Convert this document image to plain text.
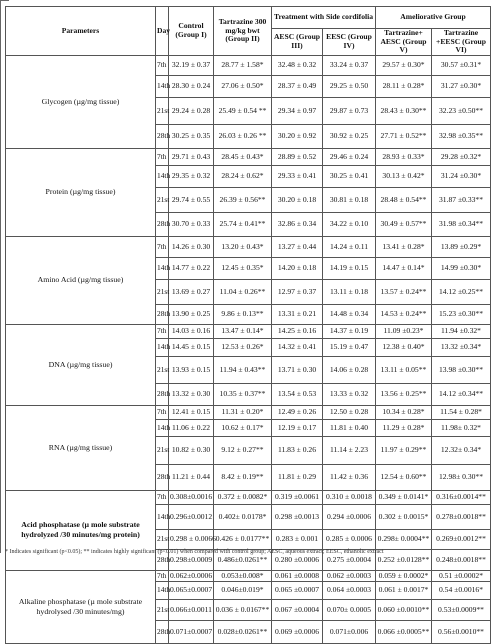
Parameters	Day	Control (Group I)	Tartrazine 300 mg/kg bwt (Group II)	Treatment with Side cordifolia		Ameliorative Group	
				AESC (Group III)	EESC (Group IV)	Tartrazine+ AESC (Group V)	Tartrazine +EESC (Group VI)
Glycogen (µg/mg tissue)	7th	32.19 ± 0.37	28.77 ± 1.58*	32.48 ± 0.32	33.24 ± 0.37	29.57 ± 0.30*	30.57 ±0.31*
	14th	28.30 ± 0.24	27.06 ± 0.50*	28.37 ± 0.49	29.25 ± 0.50	28.11 ± 0.28*	31.27 ±0.30*
	21st	29.24 ± 0.28	25.49 ± 0.54 **	29.34 ± 0.97	29.87 ± 0.73	28.43 ± 0.30**	32.23 ±0.50**
	28th	30.25 ± 0.35	26.03 ± 0.26 **	30.20 ± 0.92	30.92 ± 0.25	27.71 ± 0.52**	32.98 ±0.35**
Protein (µg/mg tissue)	7th	29.71 ± 0.43	28.45 ± 0.43*	28.89 ± 0.52	29.46 ± 0.24	28.93 ± 0.33*	29.28 ±0.32*
	14th	29.35 ± 0.32	28.24 ± 0.62*	29.33 ± 0.41	30.25 ± 0.41	30.13 ± 0.42*	31.24 ±0.30*
	21st	29.74 ± 0.55	26.39 ± 0.56**	30.20 ± 0.18	30.81 ± 0.18	28.48 ± 0.54**	31.87 ±0.33**
	28th	30.70 ± 0.33	25.74 ± 0.41**	32.86 ± 0.34	34.22 ± 0.10	30.49 ± 0.57**	31.98 ±0.34**
Amino Acid (µg/mg tissue)	7th	14.26 ± 0.30	13.20 ± 0.43*	13.27 ± 0.44	14.24 ± 0.11	13.41 ± 0.28*	13.89 ±0.29*
	14th	14.77 ± 0.22	12.45 ± 0.35*	14.20 ± 0.18	14.19 ± 0.15	14.47 ± 0.14*	14.99 ±0.30*
	21st	13.69 ± 0.27	11.04 ± 0.26**	12.97 ± 0.37	13.11 ± 0.18	13.57 ± 0.24**	14.12 ±0.25**
	28th	13.90 ± 0.25	9.86 ± 0.13**	13.31 ± 0.21	14.48 ± 0.34	14.53 ± 0.24**	15.23 ±0.30**
DNA (µg/mg tissue)	7th	14.03 ± 0.16	13.47 ± 0.14*	14.25 ± 0.16	14.37 ± 0.19	11.09 ±0.23*	11.94 ±0.32*
	14th	14.45 ± 0.15	12.53 ± 0.26*	14.32 ± 0.41	15.19 ± 0.47	12.38 ± 0.40*	13.32 ±0.34*
	21st	13.93 ± 0.15	11.94 ± 0.43**	13.71 ± 0.30	14.06 ± 0.28	13.11 ± 0.05**	13.98 ±0.30**
	28th	13.32 ± 0.30	10.35 ± 0.37**	13.54 ± 0.53	13.33 ± 0.32	13.56 ± 0.25**	14.12 ±0.34**
RNA (µg/mg tissue)	7th	12.41 ± 0.15	11.31 ± 0.20*	12.49 ± 0.26	12.50 ± 0.28	10.34 ± 0.28*	11.54 ± 0.28*
	14th	11.06 ± 0.22	10.62 ± 0.17*	12.19 ± 0.17	11.81 ± 0.40	11.29 ± 0.28*	11.98± 0.32*
	21st	10.82 ± 0.30	9.12 ± 0.27**	11.83 ± 0.26	11.14 ± 2.23	11.97 ± 0.29**	12.32± 0.34*
	28th	11.21 ± 0.44	8.42 ± 0.19**	11.81 ± 0.29	11.42 ± 0.36	12.54 ± 0.60**	12.98± 0.30**
Acid phosphatase (µ mole substrate hydrolyzed /30 minutes/mg protein)	7th	0.308±0.0016	0.372 ± 0.0082*	0.319 ±0.0061	0.310 ± 0.0018	0.349 ± 0.0141*	0.316±0.0014**
	14th	0.296±0.0012	0.402± 0.0178*	0.298 ±0.0013	0.294 ±0.0006	0.302 ± 0.0015*	0.278±0.0018**
	21st	0.298 ± 0.0066	0.426 ± 0.0177**	0.283 ± 0.001	0.285 ± 0.0006	0.298± 0.0004**	0.269±0.0012**
	28th	0.298±0.0009	0.486±0.0261**	0.280 ±0.0006	0.275 ±0.0004	0.252 ±0.0128**	0.248±0.0018**
Alkaline phosphatase (µ mole substrate hydrolysed /30 minutes/mg)	7th	0.062±0.0006	0.053±0.008*	0.061 ±0.0008	0.062 ±0.0003	0.059 ± 0.0002*	0.51 ±0.0002*
	14th	0.065±0.0007	0.046±0.019*	0.065 ±0.0007	0.064 ±0.0003	0.061 ± 0.0017*	0.54 ±0.0016*
	21st	0.066±0.0011	0.036 ± 0.0167**	0.067 ±0.0004	0.070± 0.0005	0.060 ±0.0010**	0.53±0.0009**
	28th	0.071±0.0007	0.028±0.0261**	0.069 ±0.0006	0.071±0.006	0.066 ±0.0005**	0.56±0.0010**
* Indicates significant (p<0.05); ** indicates highly significant (p<0.01) when compared with control group; AESC, aqueous extract; EESC, ethanolic extract
